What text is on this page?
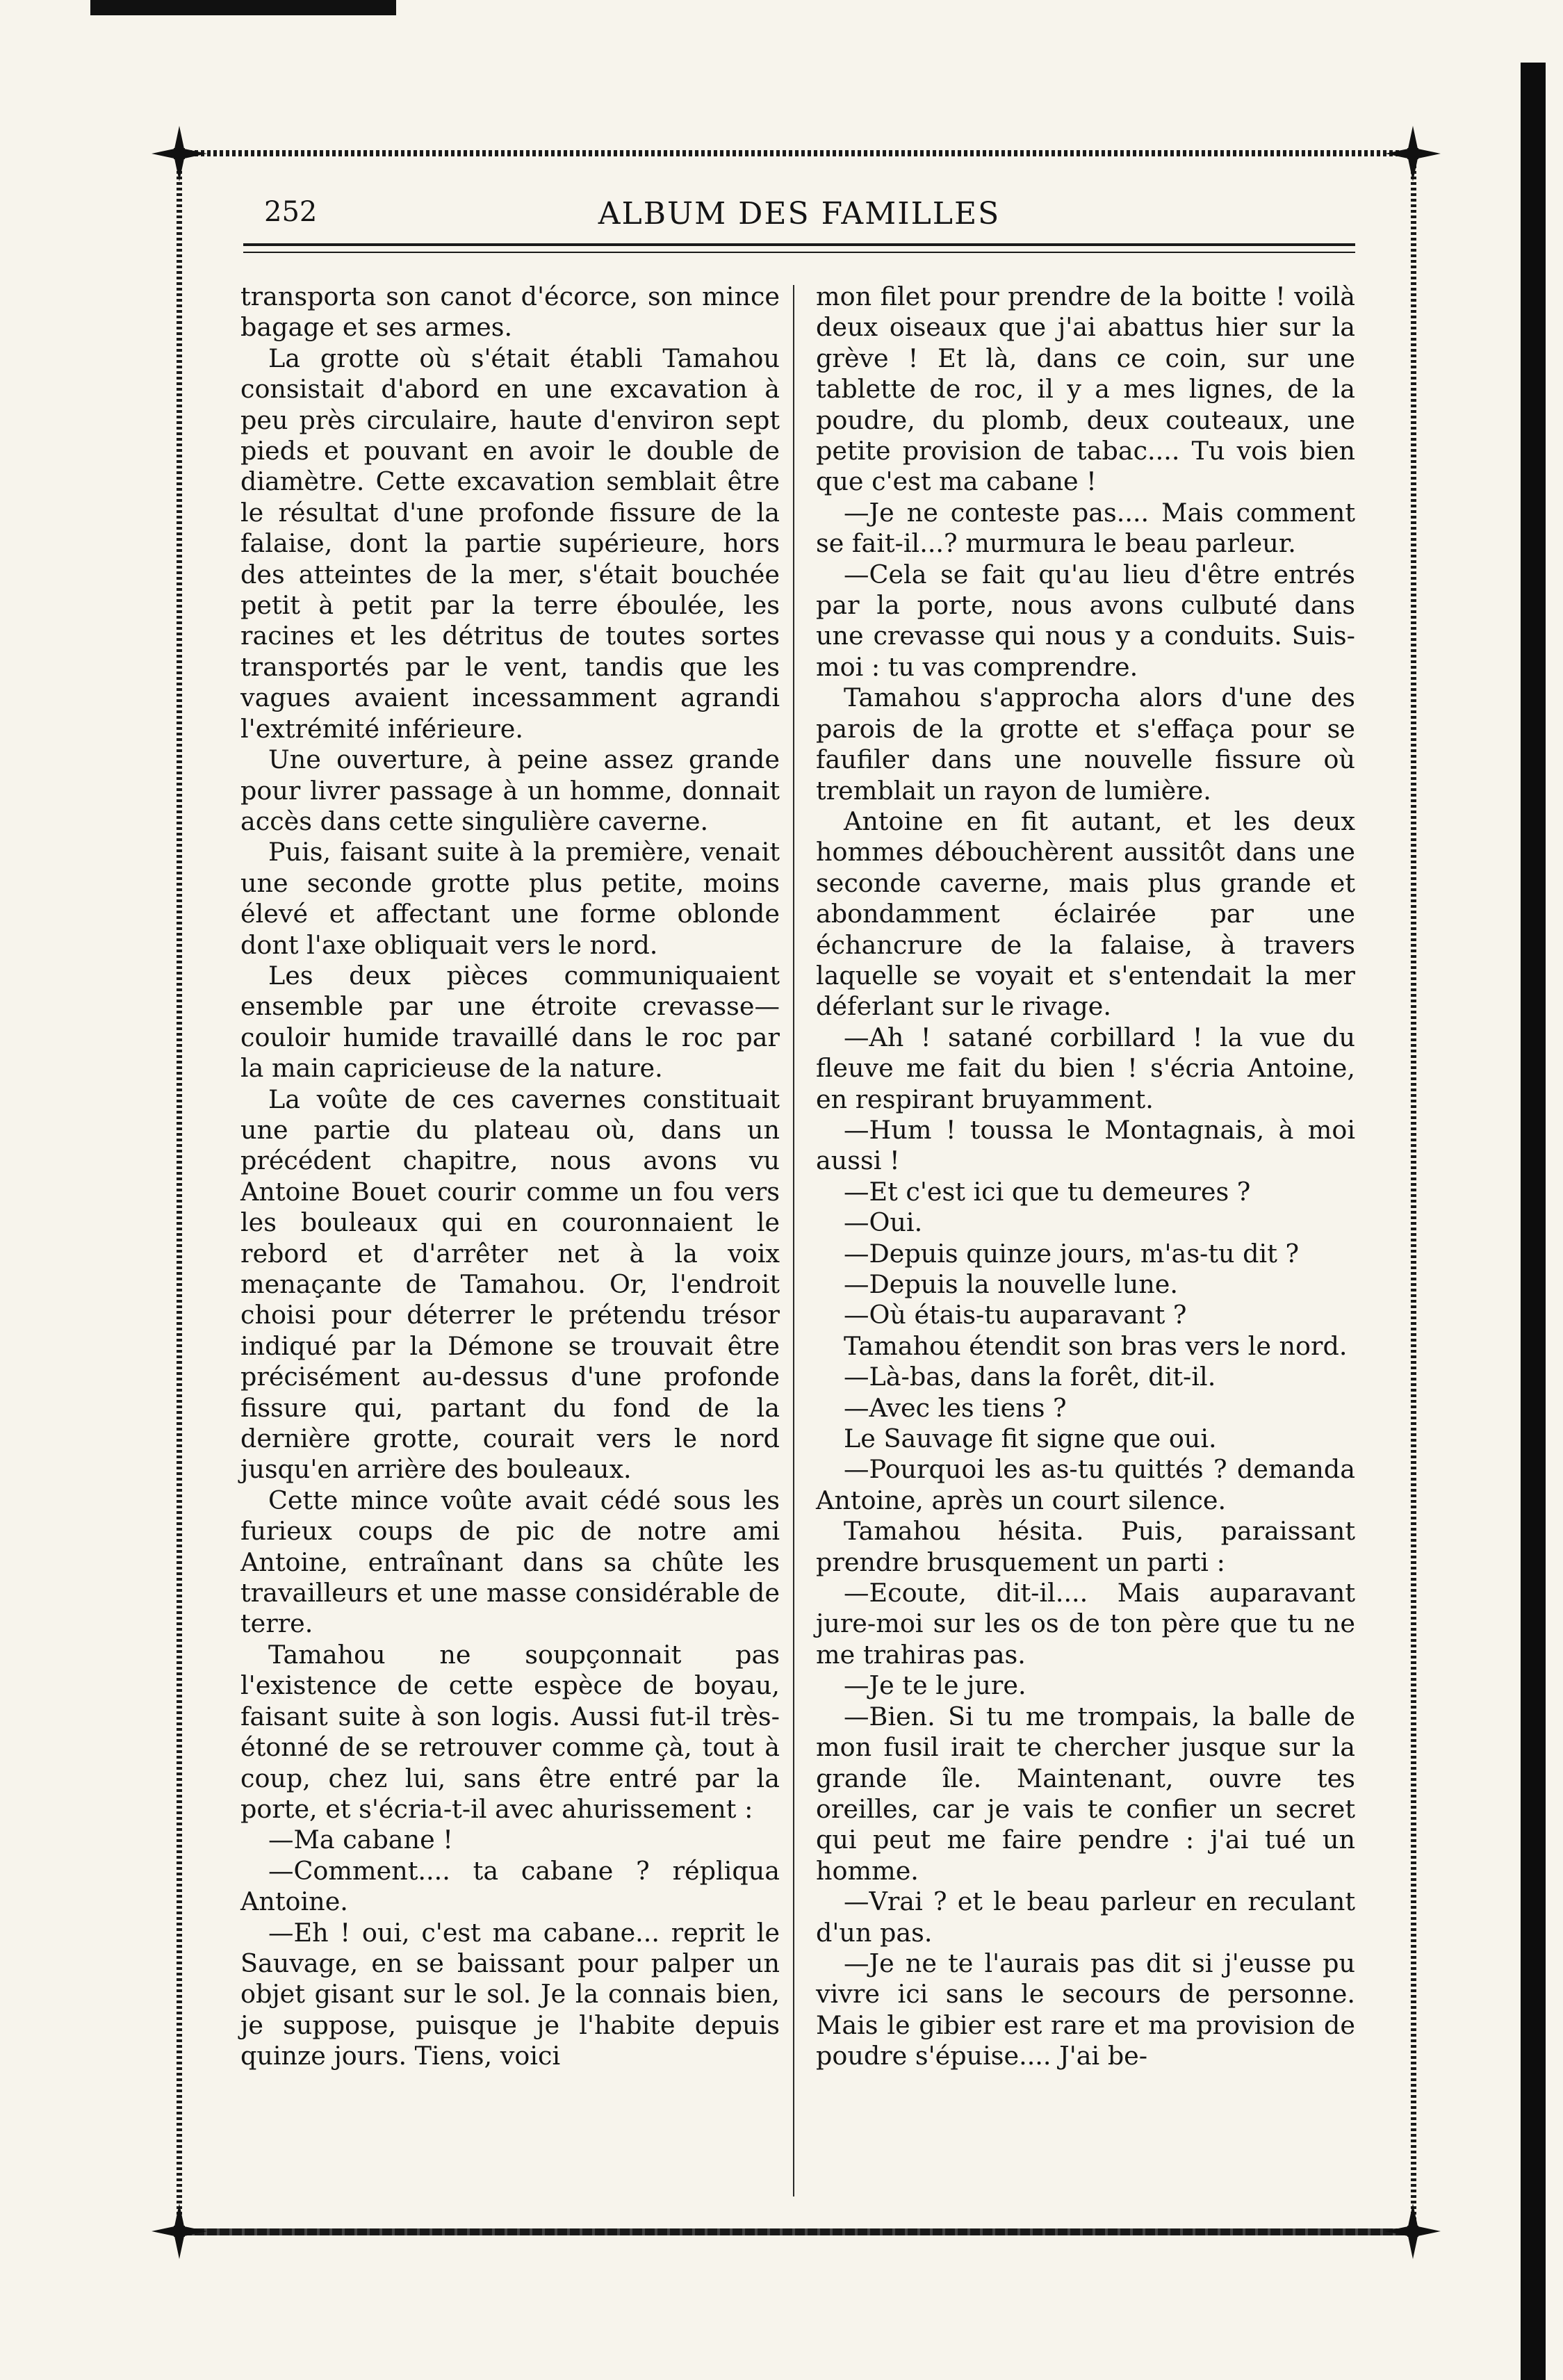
ALBUM DES FAMILLES
252

transporta son canot d'écorce, son mince bagage et ses armes.

La grotte où s'était établi Tamahou consistait d'abord en une excavation à peu près circulaire, haute d'environ sept pieds et pouvant en avoir le double de diamètre. Cette excavation semblait être le résultat d'une profonde fissure de la falaise, dont la partie supérieure, hors des atteintes de la mer, s'était bouchée petit à petit par la terre éboulée, les racines et les détritus de toutes sortes transportés par le vent, tandis que les vagues avaient incessamment agrandi l'extrémité inférieure.

Une ouverture, à peine assez grande pour livrer passage à un homme, donnait accès dans cette singulière caverne.

Puis, faisant suite à la première, venait une seconde grotte plus petite, moins élevé et affectant une forme oblonde dont l'axe obliquait vers le nord.

Les deux pièces communiquaient ensemble par une étroite crevasse—couloir humide travaillé dans le roc par la main capricieuse de la nature.

La voûte de ces cavernes constituait une partie du plateau où, dans un précédent chapitre, nous avons vu Antoine Bouet courir comme un fou vers les bouleaux qui en couronnaient le rebord et d'arrêter net à la voix menaçante de Tamahou. Or, l'endroit choisi pour déterrer le prétendu trésor indiqué par la Démone se trouvait être précisément au-dessus d'une profonde fissure qui, partant du fond de la dernière grotte, courait vers le nord jusqu'en arrière des bouleaux.

Cette mince voûte avait cédé sous les furieux coups de pic de notre ami Antoine, entraînant dans sa chûte les travailleurs et une masse considérable de terre.

Tamahou ne soupçonnait pas l'existence de cette espèce de boyau, faisant suite à son logis. Aussi fut-il très-étonné de se retrouver comme çà, tout à coup, chez lui, sans être entré par la porte, et s'écria-t-il avec ahurissement :

—Ma cabane !

—Comment.... ta cabane ? répliqua Antoine.

—Eh ! oui, c'est ma cabane... reprit le Sauvage, en se baissant pour palper un objet gisant sur le sol. Je la connais bien, je suppose, puisque je l'habite depuis quinze jours. Tiens, voici

mon filet pour prendre de la boitte ! voilà deux oiseaux que j'ai abattus hier sur la grève ! Et là, dans ce coin, sur une tablette de roc, il y a mes lignes, de la poudre, du plomb, deux couteaux, une petite provision de tabac.... Tu vois bien que c'est ma cabane !

—Je ne conteste pas.... Mais comment se fait-il...? murmura le beau parleur.

—Cela se fait qu'au lieu d'être entrés par la porte, nous avons culbuté dans une crevasse qui nous y a conduits. Suis-moi : tu vas comprendre.

Tamahou s'approcha alors d'une des parois de la grotte et s'effaça pour se faufiler dans une nouvelle fissure où tremblait un rayon de lumière.

Antoine en fit autant, et les deux hommes débouchèrent aussitôt dans une seconde caverne, mais plus grande et abondamment éclairée par une échancrure de la falaise, à travers laquelle se voyait et s'entendait la mer déferlant sur le rivage.

—Ah ! satané corbillard ! la vue du fleuve me fait du bien ! s'écria Antoine, en respirant bruyamment.

—Hum ! toussa le Montagnais, à moi aussi !

—Et c'est ici que tu demeures ?

—Oui.

—Depuis quinze jours, m'as-tu dit ?

—Depuis la nouvelle lune.

—Où étais-tu auparavant ?

Tamahou étendit son bras vers le nord.

—Là-bas, dans la forêt, dit-il.

—Avec les tiens ?

Le Sauvage fit signe que oui.

—Pourquoi les as-tu quittés ? demanda Antoine, après un court silence.

Tamahou hésita. Puis, paraissant prendre brusquement un parti :

—Ecoute, dit-il.... Mais auparavant jure-moi sur les os de ton père que tu ne me trahiras pas.

—Je te le jure.

—Bien. Si tu me trompais, la balle de mon fusil irait te chercher jusque sur la grande île. Maintenant, ouvre tes oreilles, car je vais te confier un secret qui peut me faire pendre : j'ai tué un homme.

—Vrai ? et le beau parleur en reculant d'un pas.

—Je ne te l'aurais pas dit si j'eusse pu vivre ici sans le secours de personne. Mais le gibier est rare et ma provision de poudre s'épuise.... J'ai be-
